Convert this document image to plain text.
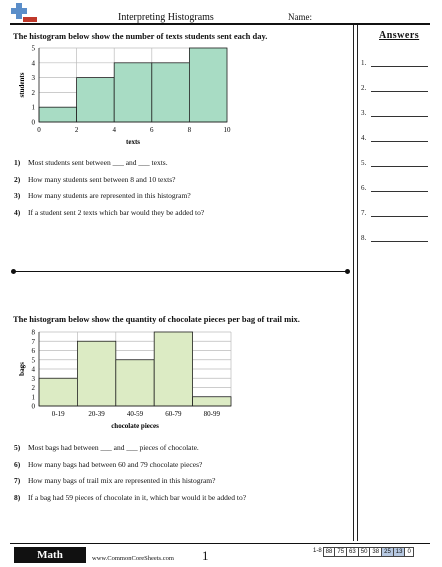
Interpreting Histograms	Name:
Answers
1.
2.
3.
4.
5.
6.
7.
8.
The histogram below show the number of texts students sent each day.
0
1
2
3
4
5
0	2	4	6	8	10
texts
students
1) Most students sent between ___ and ___ texts.
2) How many students sent between 8 and 10 texts?
3) How many students are represented in this histogram?
4) If a student sent 2 texts which bar would they be added to?
The histogram below show the quantity of chocolate pieces per bag of trail mix.
0
1
2
3
4
5
6
7
8
0-19	20-39	40-59	60-79	80-99
chocolate pieces
bags
5) Most bags had between ___ and ___ pieces of chocolate.
6) How many bags had between 60 and 79 chocolate pieces?
7) How many bags of trail mix are represented in this histogram?
8) If a bag had 59 pieces of chocolate in it, which bar would it be added to?
Math	www.CommonCoreSheets.com 1	1-8 88 75 63 50 38 25 13 0
